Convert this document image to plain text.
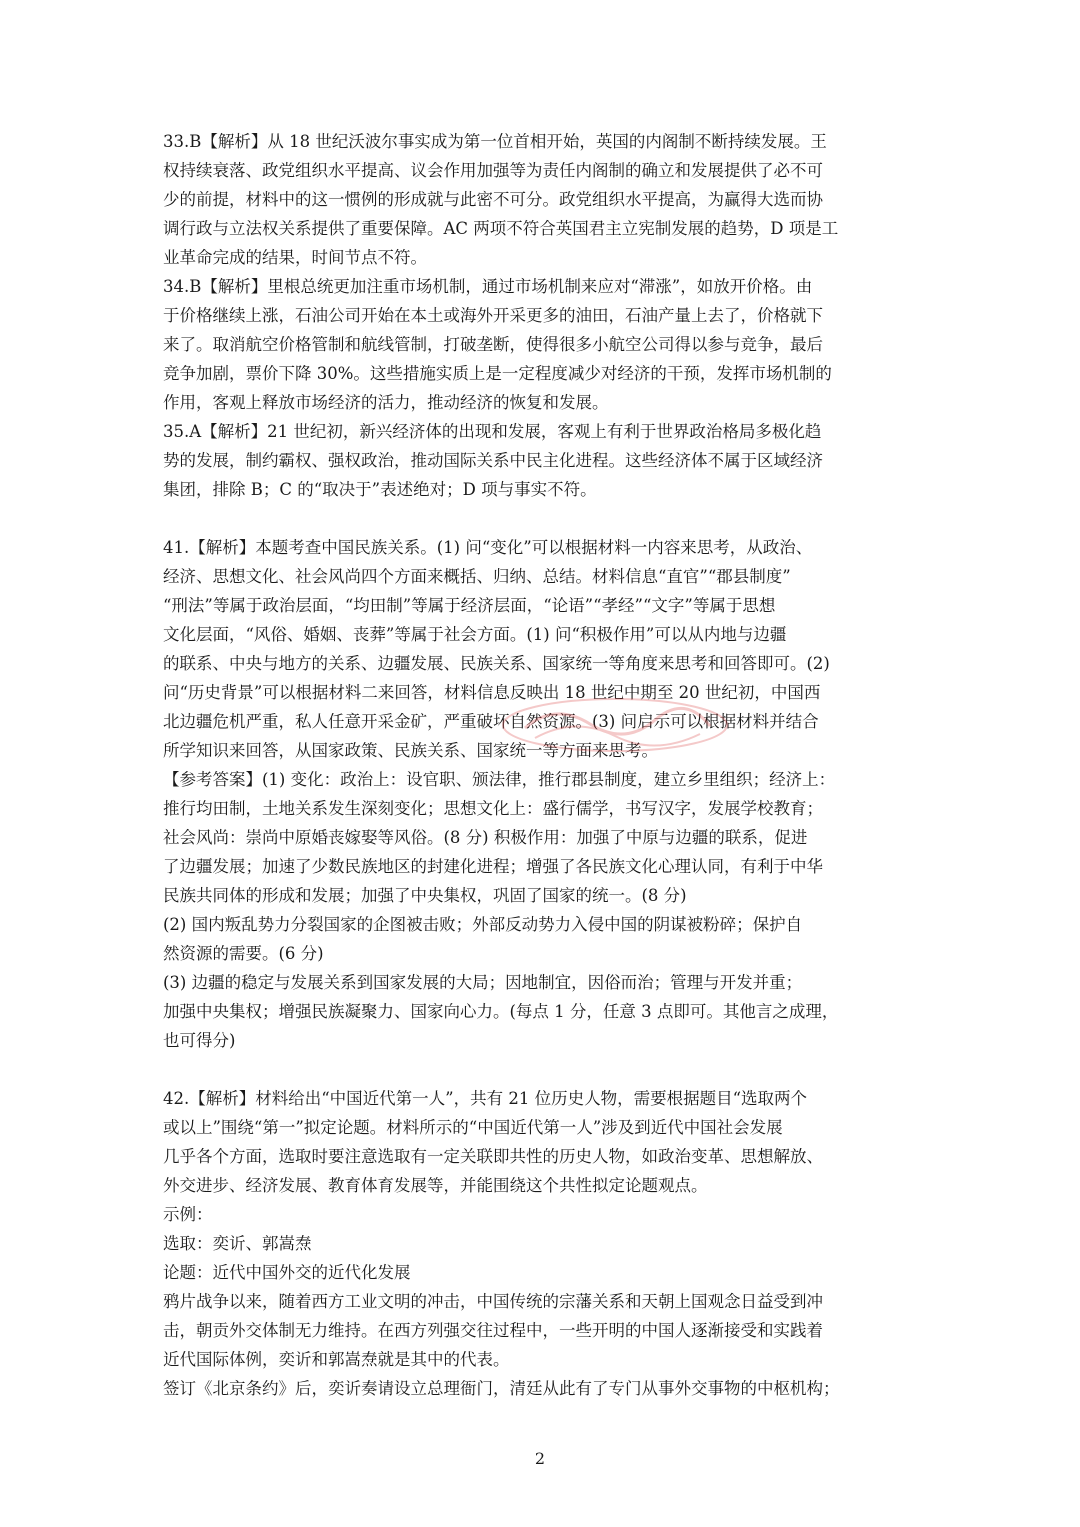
33.B【解析】从 18 世纪沃波尔事实成为第一位首相开始，英国的内阁制不断持续发展。王
权持续衰落、政党组织水平提高、议会作用加强等为责任内阁制的确立和发展提供了必不可
少的前提，材料中的这一惯例的形成就与此密不可分。政党组织水平提高，为赢得大选而协
调行政与立法权关系提供了重要保障。AC 两项不符合英国君主立宪制发展的趋势，D 项是工
业革命完成的结果，时间节点不符。
34.B【解析】里根总统更加注重市场机制，通过市场机制来应对“滞涨”，如放开价格。由
于价格继续上涨，石油公司开始在本土或海外开采更多的油田，石油产量上去了，价格就下
来了。取消航空价格管制和航线管制，打破垄断，使得很多小航空公司得以参与竞争，最后
竞争加剧，票价下降 30%。这些措施实质上是一定程度减少对经济的干预，发挥市场机制的
作用，客观上释放市场经济的活力，推动经济的恢复和发展。
35.A【解析】21 世纪初，新兴经济体的出现和发展，客观上有利于世界政治格局多极化趋
势的发展，制约霸权、强权政治，推动国际关系中民主化进程。这些经济体不属于区域经济
集团，排除 B；C 的“取决于”表述绝对；D 项与事实不符。
41.【解析】本题考查中国民族关系。(1) 问“变化”可以根据材料一内容来思考，从政治、
经济、思想文化、社会风尚四个方面来概括、归纳、总结。材料信息“直官”“郡县制度”
“刑法”等属于政治层面，“均田制”等属于经济层面，“论语”“孝经”“文字”等属于思想
文化层面，“风俗、婚姻、丧葬”等属于社会方面。(1) 问“积极作用”可以从内地与边疆
的联系、中央与地方的关系、边疆发展、民族关系、国家统一等角度来思考和回答即可。(2)
问“历史背景”可以根据材料二来回答，材料信息反映出 18 世纪中期至 20 世纪初，中国西
北边疆危机严重，私人任意开采金矿，严重破坏自然资源。(3) 问启示可以根据材料并结合
所学知识来回答，从国家政策、民族关系、国家统一等方面来思考。
【参考答案】(1) 变化：政治上：设官职、颁法律，推行郡县制度，建立乡里组织；经济上：
推行均田制，土地关系发生深刻变化；思想文化上：盛行儒学，书写汉字，发展学校教育；
社会风尚：崇尚中原婚丧嫁娶等风俗。(8 分) 积极作用：加强了中原与边疆的联系，促进
了边疆发展；加速了少数民族地区的封建化进程；增强了各民族文化心理认同，有利于中华
民族共同体的形成和发展；加强了中央集权，巩固了国家的统一。(8 分)
(2) 国内叛乱势力分裂国家的企图被击败；外部反动势力入侵中国的阴谋被粉碎；保护自
然资源的需要。(6 分)
(3) 边疆的稳定与发展关系到国家发展的大局；因地制宜，因俗而治；管理与开发并重；
加强中央集权；增强民族凝聚力、国家向心力。(每点 1 分，任意 3 点即可。其他言之成理，
也可得分)
42.【解析】材料给出“中国近代第一人”，共有 21 位历史人物，需要根据题目“选取两个
或以上”围绕“第一”拟定论题。材料所示的“中国近代第一人”涉及到近代中国社会发展
几乎各个方面，选取时要注意选取有一定关联即共性的历史人物，如政治变革、思想解放、
外交进步、经济发展、教育体育发展等，并能围绕这个共性拟定论题观点。
示例：
选取：奕䜣、郭嵩焘
论题：近代中国外交的近代化发展
鸦片战争以来，随着西方工业文明的冲击，中国传统的宗藩关系和天朝上国观念日益受到冲
击，朝贡外交体制无力维持。在西方列强交往过程中，一些开明的中国人逐渐接受和实践着
近代国际体例，奕䜣和郭嵩焘就是其中的代表。
签订《北京条约》后，奕䜣奏请设立总理衙门，清廷从此有了专门从事外交事物的中枢机构；
2
